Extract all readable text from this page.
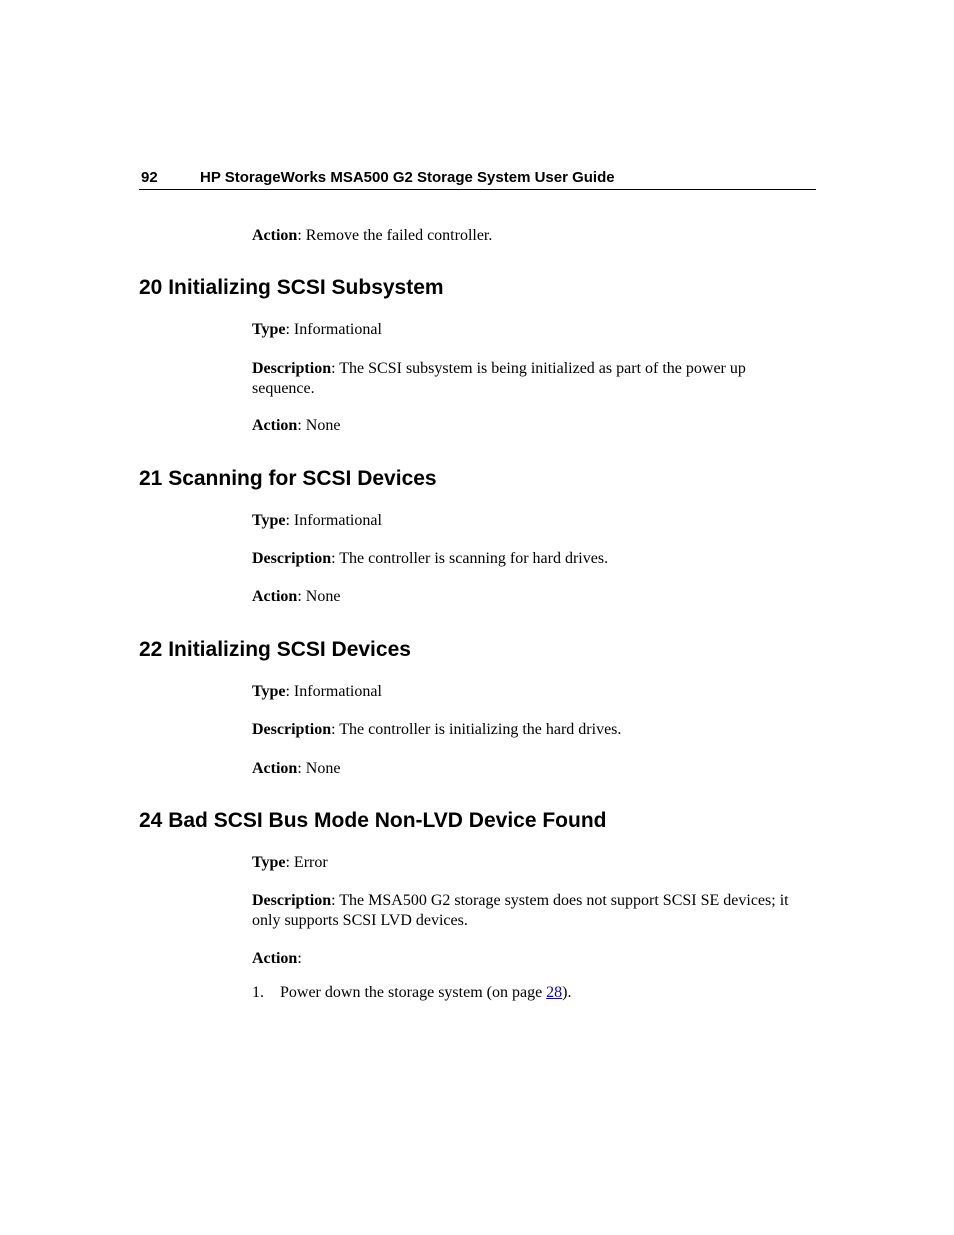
92	HP StorageWorks MSA500 G2 Storage System User Guide

Action: Remove the failed controller.

20 Initializing SCSI Subsystem

Type: Informational

Description: The SCSI subsystem is being initialized as part of the power up sequence.

Action: None

21 Scanning for SCSI Devices

Type: Informational

Description: The controller is scanning for hard drives.

Action: None

22 Initializing SCSI Devices

Type: Informational

Description: The controller is initializing the hard drives.

Action: None

24 Bad SCSI Bus Mode Non-LVD Device Found

Type: Error

Description: The MSA500 G2 storage system does not support SCSI SE devices; it only supports SCSI LVD devices.

Action:

1. Power down the storage system (on page 28).
